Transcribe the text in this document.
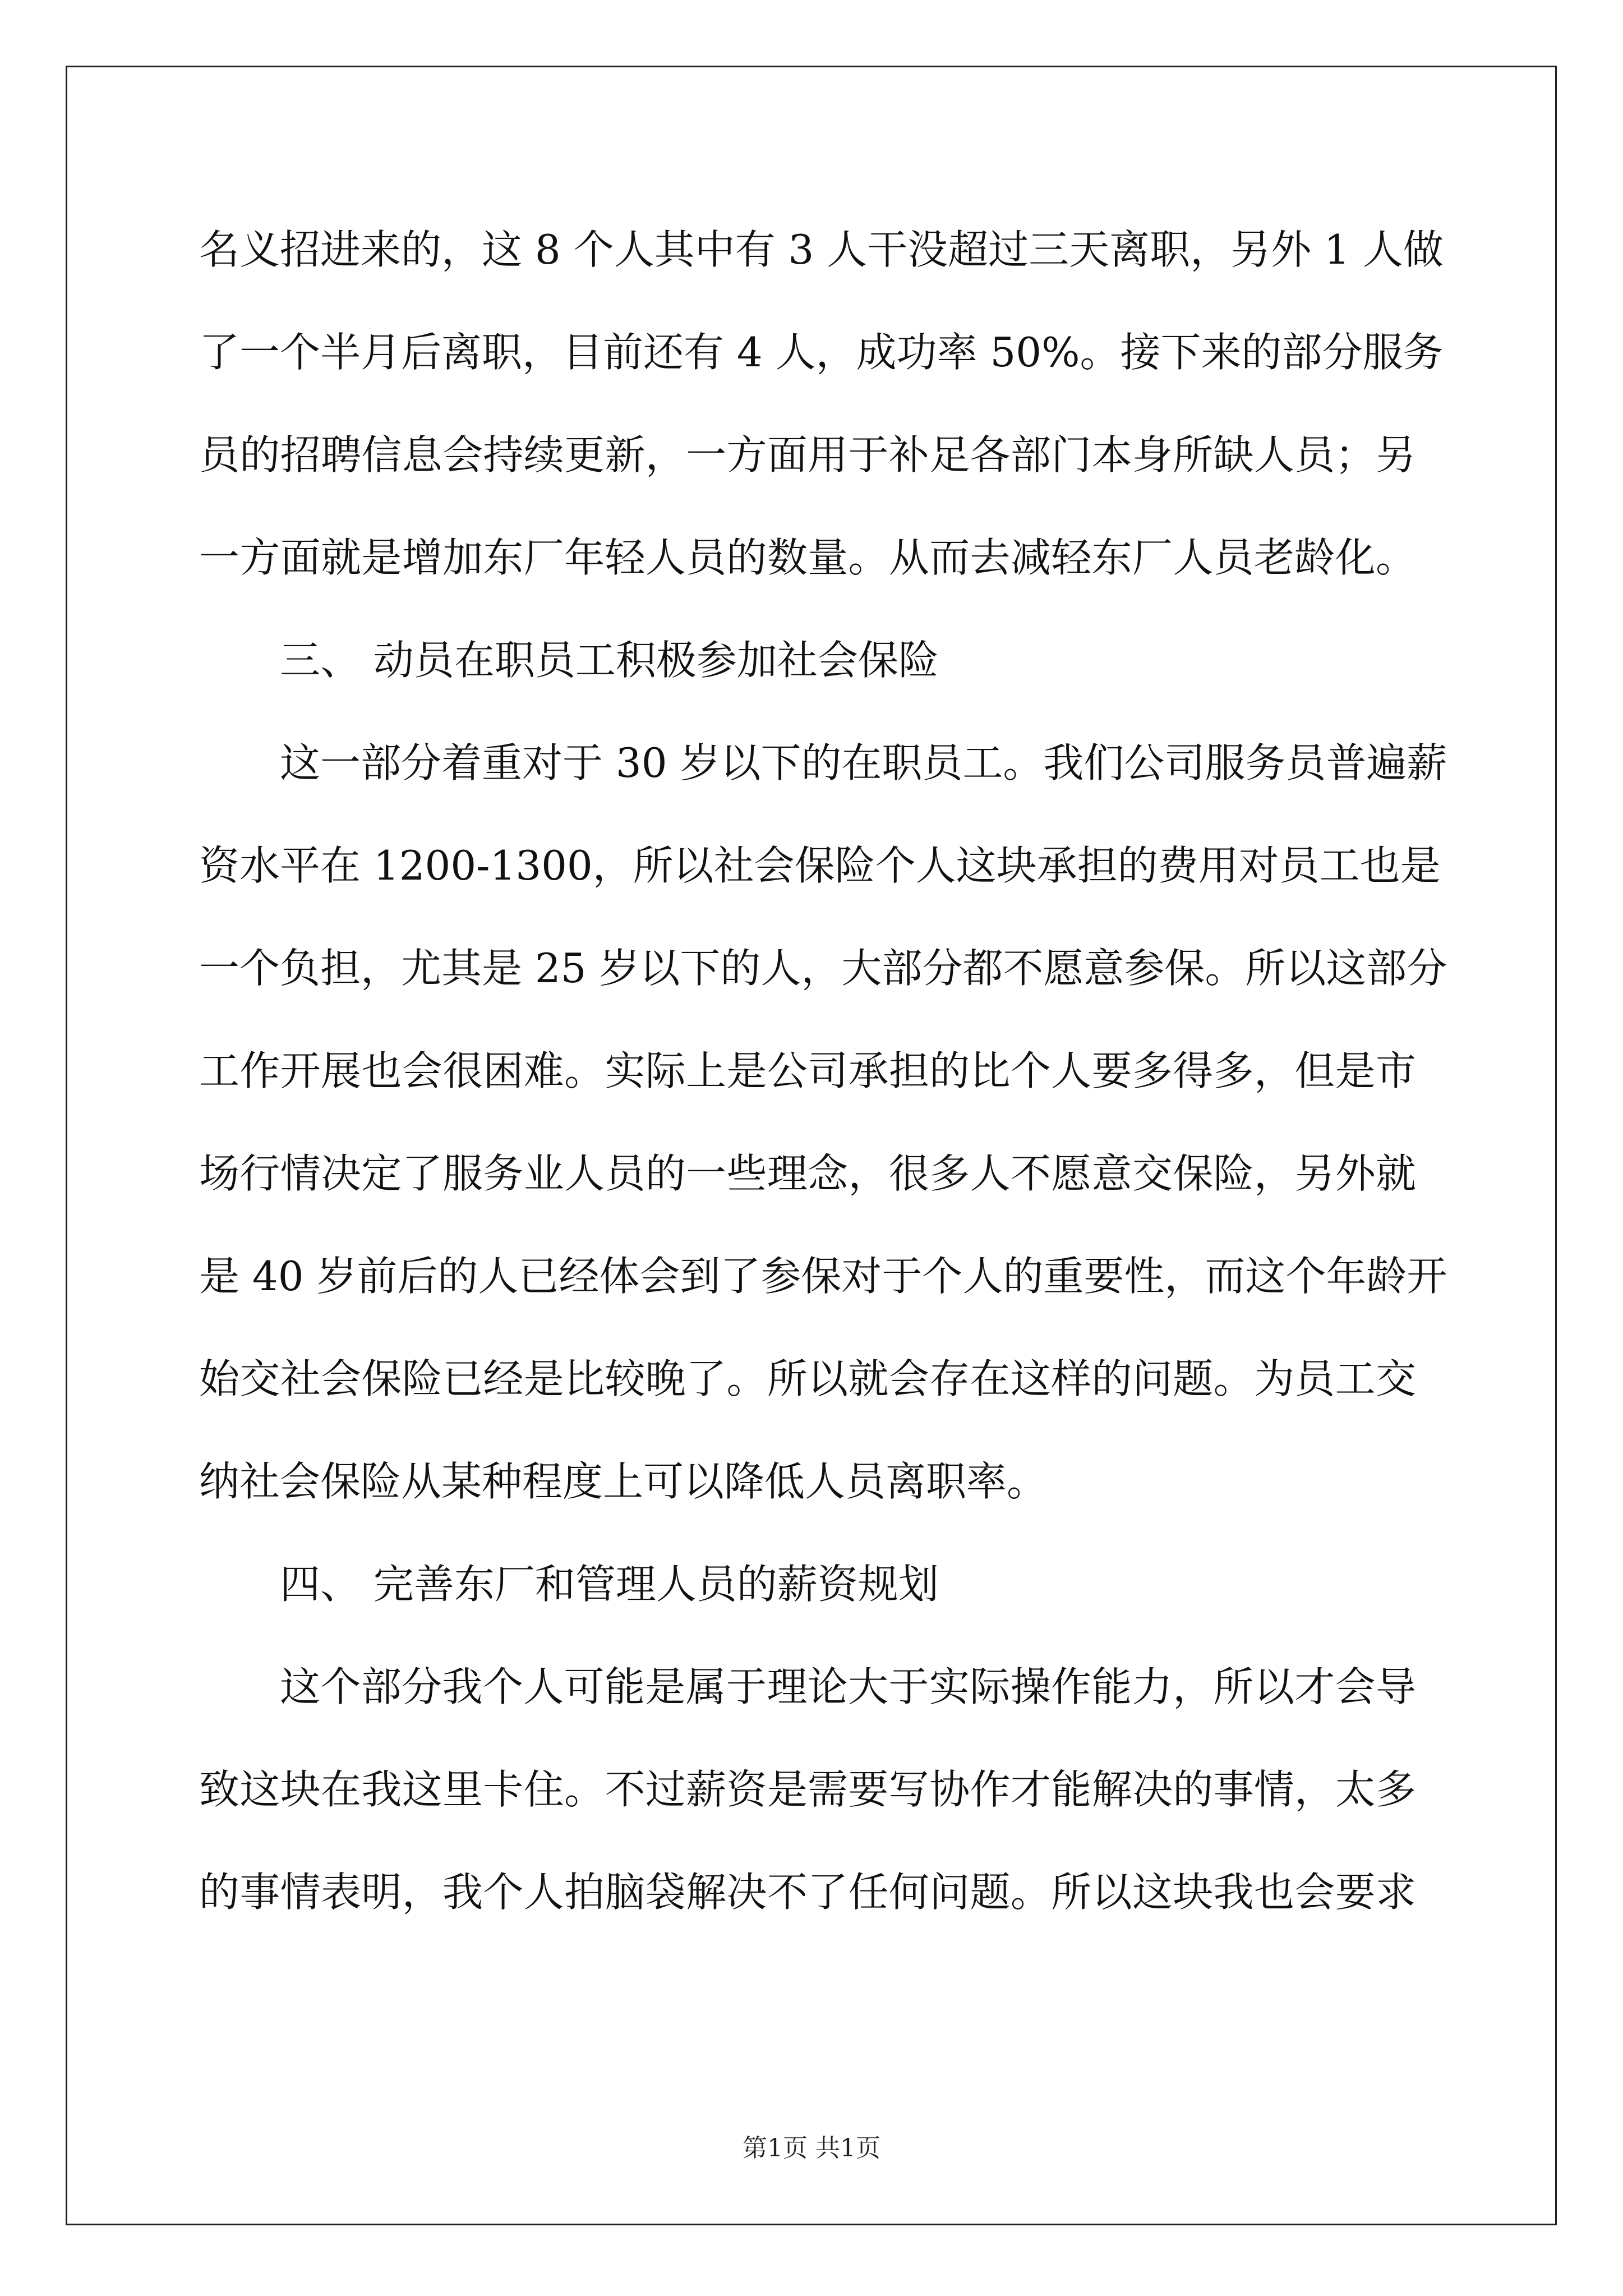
名义招进来的，这 8 个人其中有 3 人干没超过三天离职，另外 1 人做
了一个半月后离职，目前还有 4 人，成功率 50%。接下来的部分服务
员的招聘信息会持续更新，一方面用于补足各部门本身所缺人员；另
一方面就是增加东厂年轻人员的数量。从而去减轻东厂人员老龄化。
三、 动员在职员工积极参加社会保险
这一部分着重对于 30 岁以下的在职员工。我们公司服务员普遍薪
资水平在 1200-1300，所以社会保险个人这块承担的费用对员工也是
一个负担，尤其是 25 岁以下的人，大部分都不愿意参保。所以这部分
工作开展也会很困难。实际上是公司承担的比个人要多得多，但是市
场行情决定了服务业人员的一些理念，很多人不愿意交保险，另外就
是 40 岁前后的人已经体会到了参保对于个人的重要性，而这个年龄开
始交社会保险已经是比较晚了。所以就会存在这样的问题。为员工交
纳社会保险从某种程度上可以降低人员离职率。
四、 完善东厂和管理人员的薪资规划
这个部分我个人可能是属于理论大于实际操作能力，所以才会导
致这块在我这里卡住。不过薪资是需要写协作才能解决的事情，太多
的事情表明，我个人拍脑袋解决不了任何问题。所以这块我也会要求
第1页 共1页
